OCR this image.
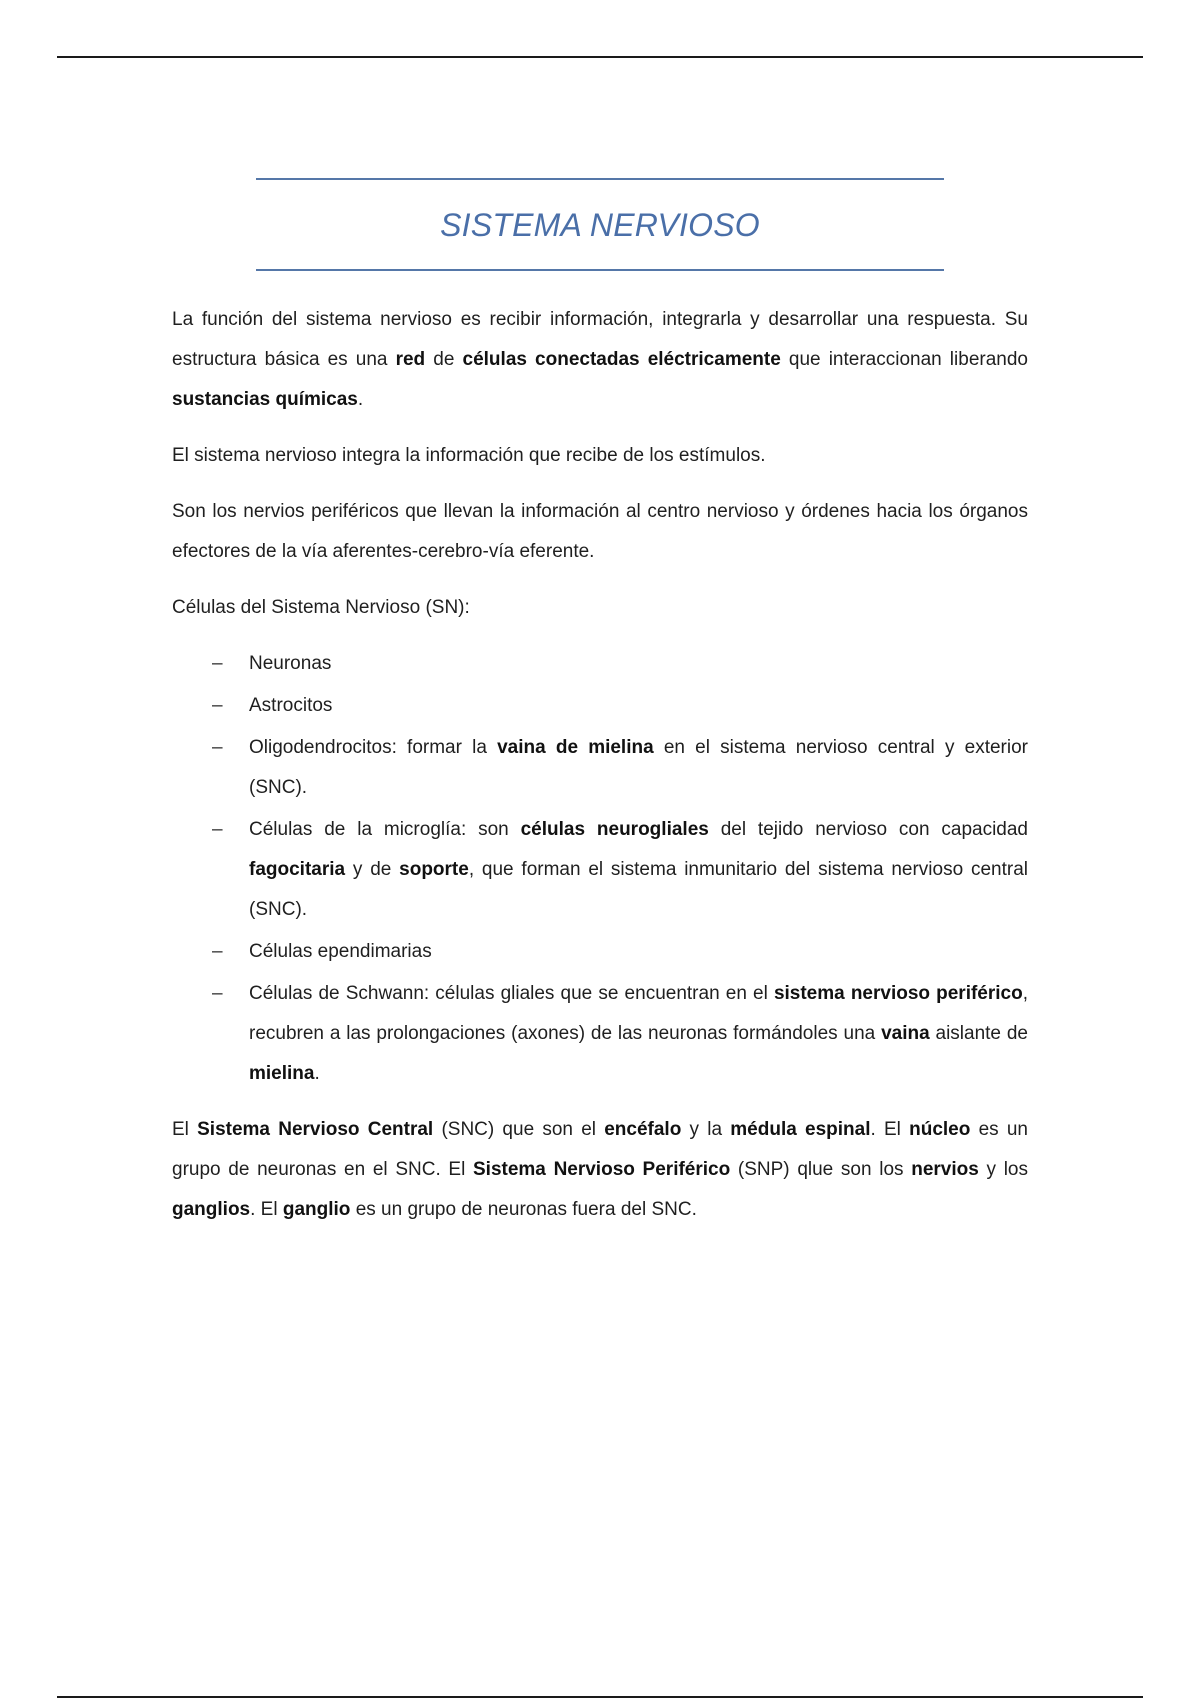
SISTEMA NERVIOSO

La función del sistema nervioso es recibir información, integrarla y desarrollar una respuesta. Su estructura básica es una red de células conectadas eléctricamente que interaccionan liberando sustancias químicas.

El sistema nervioso integra la información que recibe de los estímulos.

Son los nervios periféricos que llevan la información al centro nervioso y órdenes hacia los órganos efectores de la vía aferentes-cerebro-vía eferente.

Células del Sistema Nervioso (SN):

– Neuronas
– Astrocitos
– Oligodendrocitos: formar la vaina de mielina en el sistema nervioso central y exterior (SNC).
– Células de la microglía: son células neurogliales del tejido nervioso con capacidad fagocitaria y de soporte, que forman el sistema inmunitario del sistema nervioso central (SNC).
– Células ependimarias
– Células de Schwann: células gliales que se encuentran en el sistema nervioso periférico, recubren a las prolongaciones (axones) de las neuronas formándoles una vaina aislante de mielina.

El Sistema Nervioso Central (SNC) que son el encéfalo y la médula espinal. El núcleo es un grupo de neuronas en el SNC. El Sistema Nervioso Periférico (SNP) qlue son los nervios y los ganglios. El ganglio es un grupo de neuronas fuera del SNC.
